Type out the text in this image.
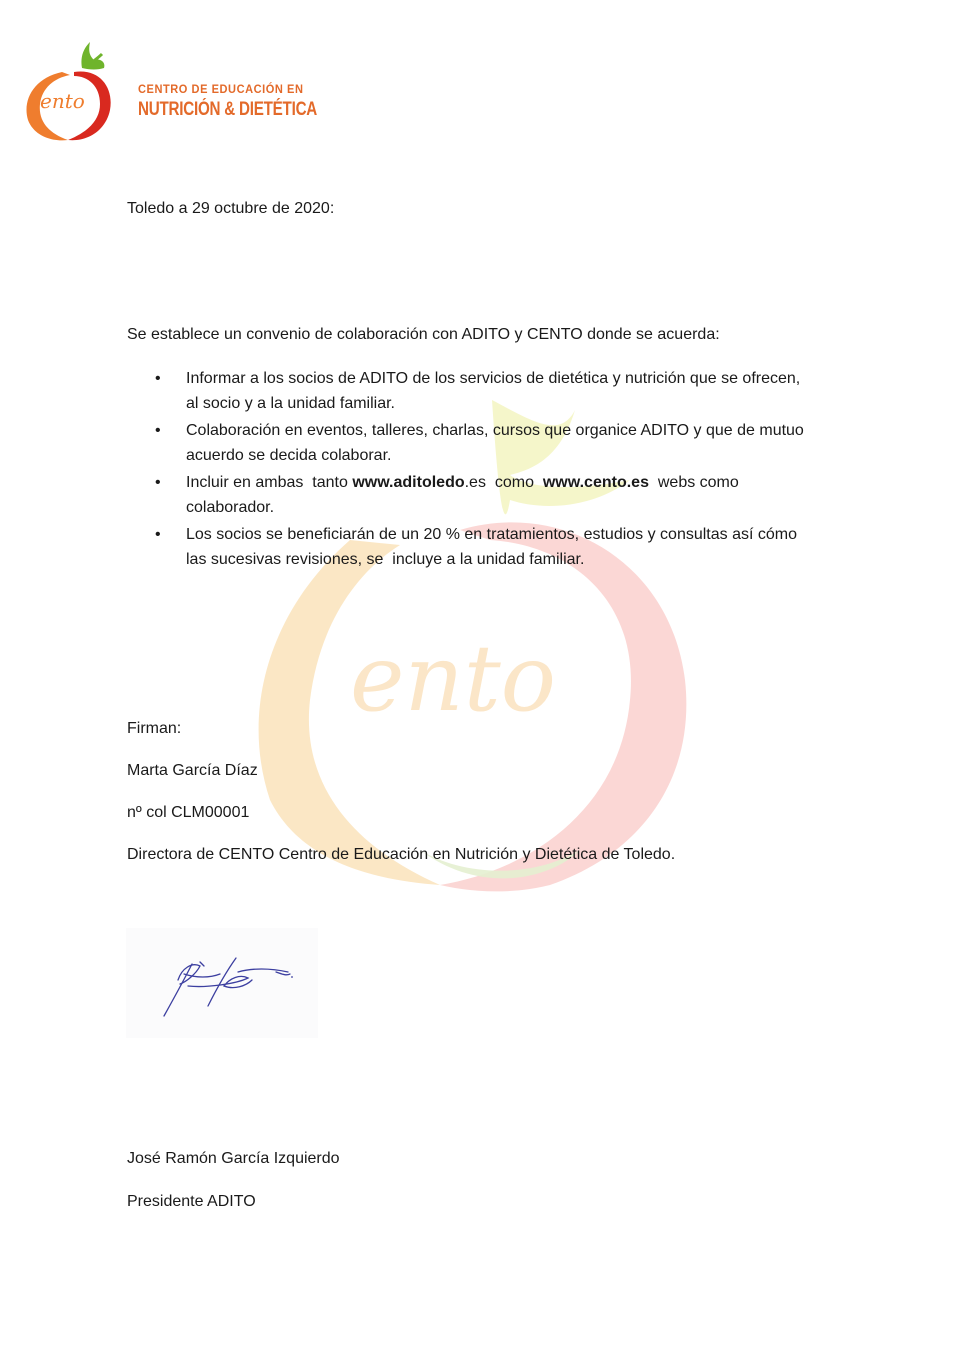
ento
ento	CENTRO DE EDUCACIÓN EN
NUTRICIÓN & DIETÉTICA
Toledo a 29 octubre de 2020:
Se establece un convenio de colaboración con ADITO y CENTO donde se acuerda:
• Informar a los socios de ADITO de los servicios de dietética y nutrición que se ofrecen,
al socio y a la unidad familiar.
• Colaboración en eventos, talleres, charlas, cursos que organice ADITO y que de mutuo
acuerdo se decida colaborar.
• Incluir en ambas  tanto www.aditoledo.es  como  www.cento.es  webs como
colaborador.
• Los socios se beneficiarán de un 20 % en tratamientos, estudios y consultas así cómo
las sucesivas revisiones, se  incluye a la unidad familiar.
Firman:
Marta García Díaz
nº col CLM00001
Directora de CENTO Centro de Educación en Nutrición y Dietética de Toledo.
José Ramón García Izquierdo
Presidente ADITO
